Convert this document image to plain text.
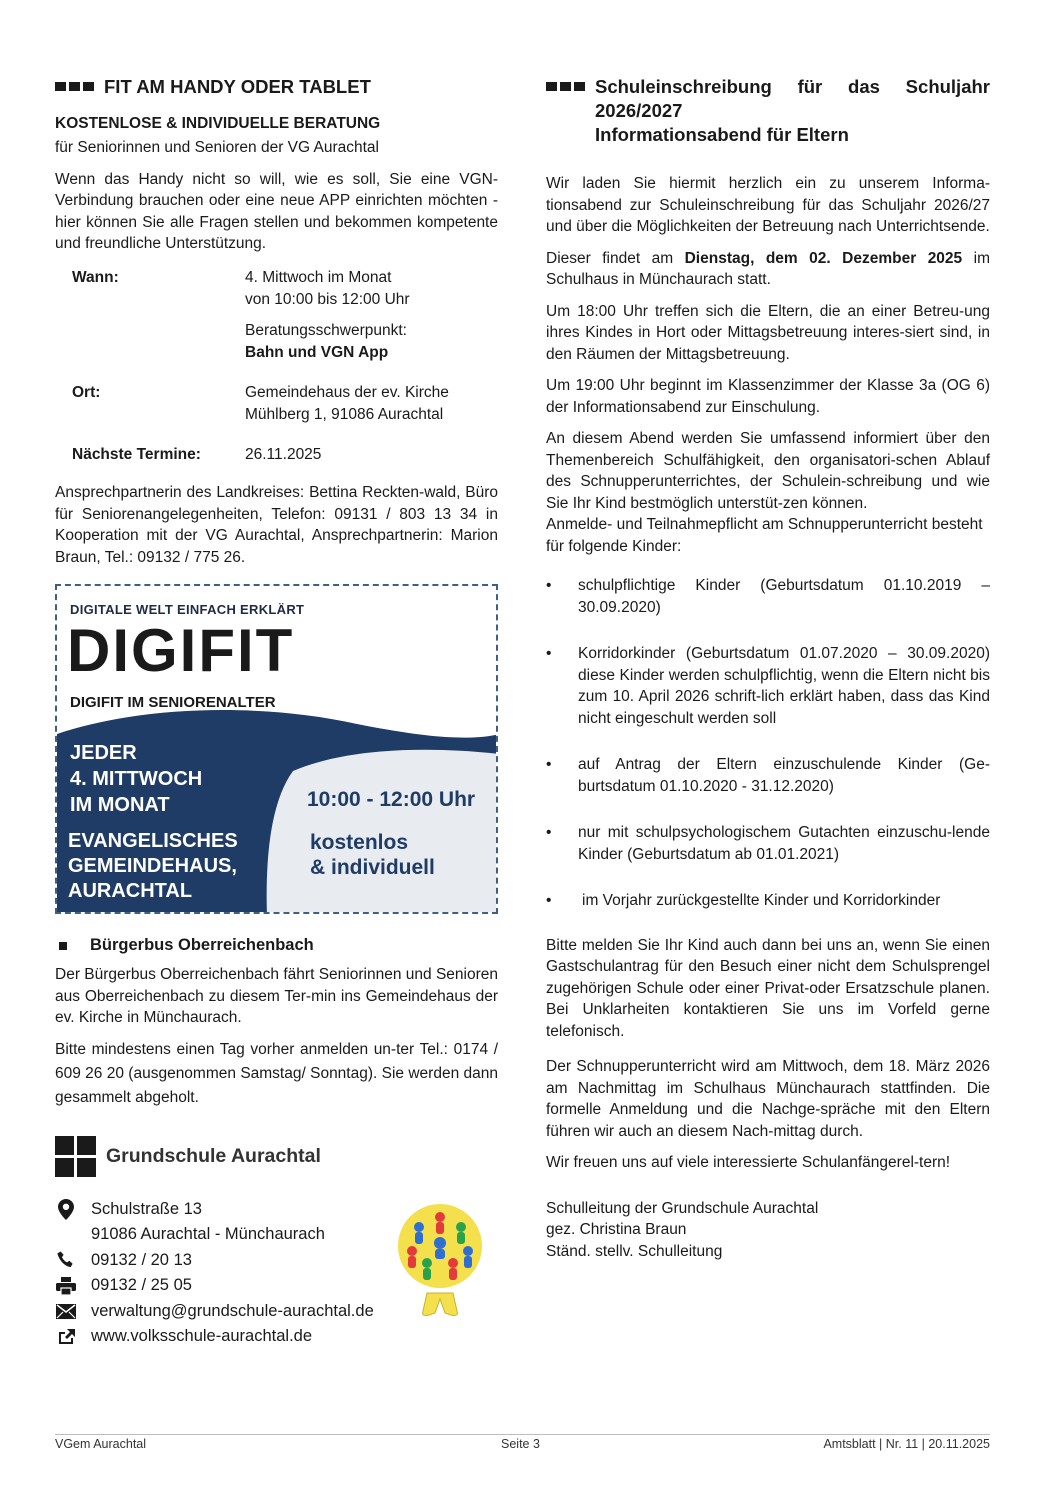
FIT AM HANDY ODER TABLET
KOSTENLOSE & INDIVIDUELLE BERATUNG

für Seniorinnen und Senioren der VG Aurachtal

Wenn das Handy nicht so will, wie es soll, Sie eine VGN-Verbindung brauchen oder eine neue APP einrichten möchten - hier können Sie alle Fragen stellen und bekommen kompetente und freundliche Unterstützung.

Wann:	4. Mittwoch im Monat
von 10:00 bis 12:00 Uhr
Beratungsschwerpunkt:
Bahn und VGN App

Ort:	Gemeindehaus der ev. Kirche
Mühlberg 1, 91086 Aurachtal

Nächste Termine:	26.11.2025

Ansprechpartnerin des Landkreises: Bettina Reckten-wald, Büro für Seniorenangelegenheiten, Telefon: 09131 / 803 13 34 in Kooperation mit der VG Aurachtal, Ansprechpartnerin: Marion Braun, Tel.: 09132 / 775 26.

DIGITALE WELT EINFACH ERKLÄRT
DIGIFIT
DIGIFIT IM SENIORENALTER
JEDER
4. MITTWOCH
IM MONAT
EVANGELISCHES
GEMEINDEHAUS,
AURACHTAL
10:00 - 12:00 Uhr
kostenlos
& individuell
Bürgerbus Oberreichenbach

Der Bürgerbus Oberreichenbach fährt Seniorinnen und Senioren aus Oberreichenbach zu diesem Ter-min ins Gemeindehaus der ev. Kirche in Münchaurach.

Bitte mindestens einen Tag vorher anmelden un-ter Tel.: 0174 / 609 26 20 (ausgenommen Samstag/ Sonntag). Sie werden dann gesammelt abgeholt.

Grundschule Aurachtal
Schulstraße 13
91086 Aurachtal - Münchaurach
09132 / 20 13
09132 / 25 05
verwaltung@grundschule-aurachtal.de
www.volksschule-aurachtal.de
Schuleinschreibung für das Schuljahr
2026/2027
Informationsabend für Eltern

Wir laden Sie hiermit herzlich ein zu unserem Informa-tionsabend zur Schuleinschreibung für das Schuljahr 2026/27 und über die Möglichkeiten der Betreuung nach Unterrichtsende.

Dieser findet am Dienstag, dem 02. Dezember 2025 im Schulhaus in Münchaurach statt.

Um 18:00 Uhr treffen sich die Eltern, die an einer Betreu-ung ihres Kindes in Hort oder Mittagsbetreuung interes-siert sind, in den Räumen der Mittagsbetreuung.

Um 19:00 Uhr beginnt im Klassenzimmer der Klasse 3a (OG 6) der Informationsabend zur Einschulung.

An diesem Abend werden Sie umfassend informiert über den Themenbereich Schulfähigkeit, den organisatori-schen Ablauf des Schnupperunterrichtes, der Schulein-schreibung und wie Sie Ihr Kind bestmöglich unterstüt-zen können.

Anmelde- und Teilnahmepflicht am Schnupperunterricht besteht für folgende Kinder:

•	schulpflichtige Kinder (Geburtsdatum 01.10.2019 – 30.09.2020)
•	Korridorkinder (Geburtsdatum 01.07.2020 – 30.09.2020) diese Kinder werden schulpflichtig, wenn die Eltern nicht bis zum 10. April 2026 schrift-lich erklärt haben, dass das Kind nicht eingeschult werden soll
•	auf Antrag der Eltern einzuschulende Kinder (Ge-burtsdatum 01.10.2020 - 31.12.2020)
•	nur mit schulpsychologischem Gutachten einzuschu-lende Kinder (Geburtsdatum ab 01.01.2021)
•	im Vorjahr zurückgestellte Kinder und Korridorkinder

Bitte melden Sie Ihr Kind auch dann bei uns an, wenn Sie einen Gastschulantrag für den Besuch einer nicht dem Schulsprengel zugehörigen Schule oder einer Privat-oder Ersatzschule planen. Bei Unklarheiten kontaktieren Sie uns im Vorfeld gerne telefonisch.

Der Schnupperunterricht wird am Mittwoch, dem 18. März 2026 am Nachmittag im Schulhaus Münchaurach stattfinden. Die formelle Anmeldung und die Nachge-spräche mit den Eltern führen wir auch an diesem Nach-mittag durch.

Wir freuen uns auf viele interessierte Schulanfängerel-tern!

Schulleitung der Grundschule Aurachtal

gez. Christina Braun

Ständ. stellv. Schulleitung

VGem Aurachtal	Seite 3	Amtsblatt | Nr. 11 | 20.11.2025
